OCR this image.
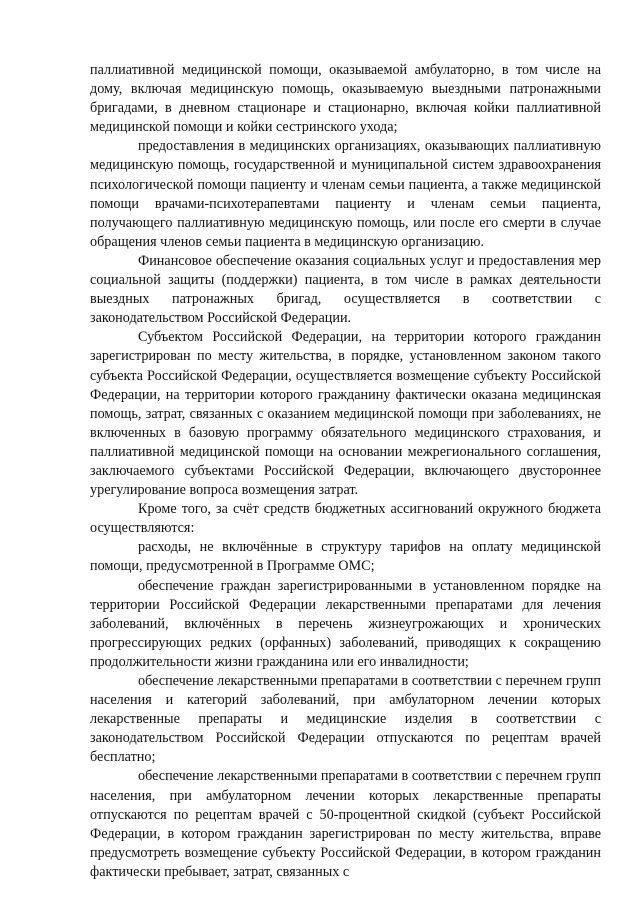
паллиативной медицинской помощи, оказываемой амбулаторно, в том числе на дому, включая медицинскую помощь, оказываемую выездными патронажными бригадами, в дневном стационаре и стационарно, включая койки паллиативной медицинской помощи и койки сестринского ухода;

предоставления в медицинских организациях, оказывающих паллиативную медицинскую помощь, государственной и муниципальной систем здравоохранения психологической помощи пациенту и членам семьи пациента, а также медицинской помощи врачами-психотерапевтами пациенту и членам семьи пациента, получающего паллиативную медицинскую помощь, или после его смерти в случае обращения членов семьи пациента в медицинскую организацию.

Финансовое обеспечение оказания социальных услуг и предоставления мер социальной защиты (поддержки) пациента, в том числе в рамках деятельности выездных патронажных бригад, осуществляется в соответствии с законодательством Российской Федерации.

Субъектом Российской Федерации, на территории которого гражданин зарегистрирован по месту жительства, в порядке, установленном законом такого субъекта Российской Федерации, осуществляется возмещение субъекту Российской Федерации, на территории которого гражданину фактически оказана медицинская помощь, затрат, связанных с оказанием медицинской помощи при заболеваниях, не включенных в базовую программу обязательного медицинского страхования, и паллиативной медицинской помощи на основании межрегионального соглашения, заключаемого субъектами Российской Федерации, включающего двустороннее урегулирование вопроса возмещения затрат.

Кроме того, за счёт средств бюджетных ассигнований окружного бюджета осуществляются:

расходы, не включённые в структуру тарифов на оплату медицинской помощи, предусмотренной в Программе ОМС;

обеспечение граждан зарегистрированными в установленном порядке на территории Российской Федерации лекарственными препаратами для лечения заболеваний, включённых в перечень жизнеугрожающих и хронических прогрессирующих редких (орфанных) заболеваний, приводящих к сокращению продолжительности жизни гражданина или его инвалидности;

обеспечение лекарственными препаратами в соответствии с перечнем групп населения и категорий заболеваний, при амбулаторном лечении которых лекарственные препараты и медицинские изделия в соответствии с законодательством Российской Федерации отпускаются по рецептам врачей бесплатно;

обеспечение лекарственными препаратами в соответствии с перечнем групп населения, при амбулаторном лечении которых лекарственные препараты отпускаются по рецептам врачей с 50-процентной скидкой (субъект Российской Федерации, в котором гражданин зарегистрирован по месту жительства, вправе предусмотреть возмещение субъекту Российской Федерации, в котором гражданин фактически пребывает, затрат, связанных с
